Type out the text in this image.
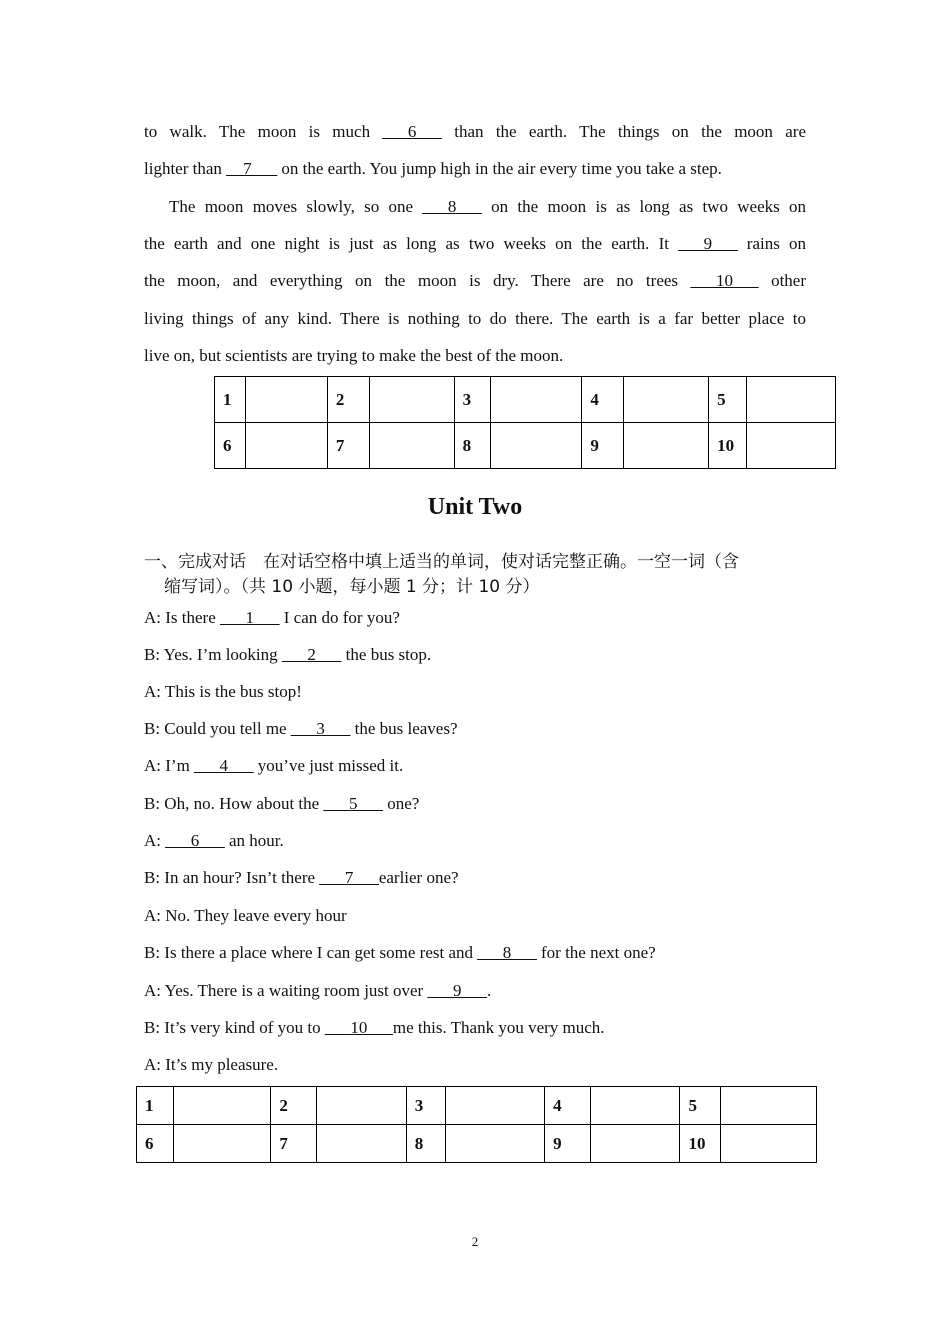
to walk. The moon is much ___6___ than the earth. The things on the moon are
lighter than __7___ on the earth. You jump high in the air every time you take a step.
The moon moves slowly, so one ___8___ on the moon is as long as two weeks on
the earth and one night is just as long as two weeks on the earth. It ___9___ rains on
the moon, and everything on the moon is dry. There are no trees ___10___ other
living things of any kind. There is nothing to do there. The earth is a far better place to
live on, but scientists are trying to make the best of the moon.
1		2		3		4		5	
6		7		8		9		10	
Unit Two
一、完成对话　在对话空格中填上适当的单词，使对话完整正确。一空一词（含
缩写词）。（共 10 小题，每小题 1 分；计 10 分）
A: Is there ___1___ I can do for you?
B: Yes. I’m looking ___2___ the bus stop.
A: This is the bus stop!
B: Could you tell me ___3___ the bus leaves?
A: I’m ___4___ you’ve just missed it.
B: Oh, no. How about the ___5___ one?
A: ___6___ an hour.
B: In an hour? Isn’t there ___7___earlier one?
A: No. They leave every hour
B: Is there a place where I can get some rest and ___8___ for the next one?
A: Yes. There is a waiting room just over ___9___.
B: It’s very kind of you to ___10___me this. Thank you very much.
A: It’s my pleasure.
1		2		3		4		5	
6		7		8		9		10	
2
